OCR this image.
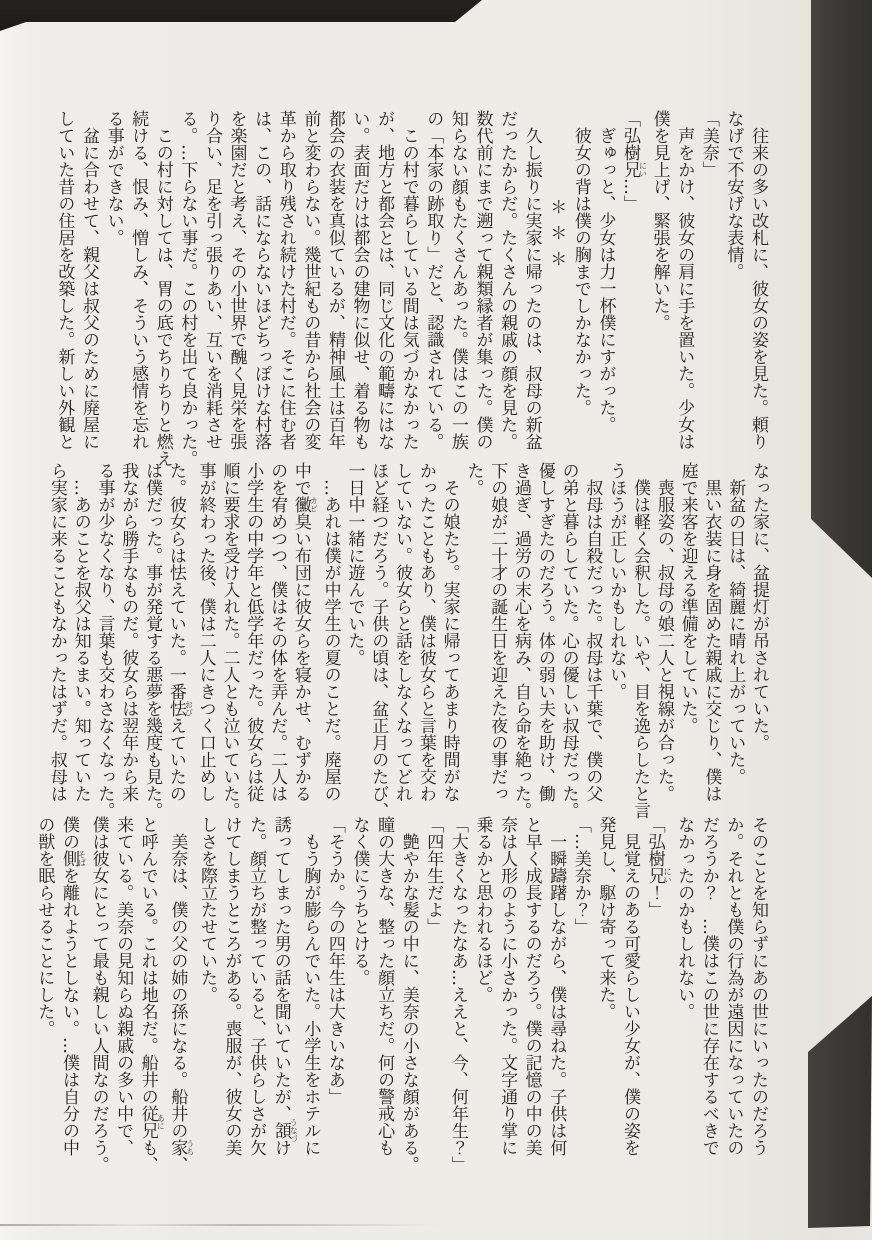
往来の多い改札に、彼女の姿を見た。頼り
なげで不安げな表情。
「美奈」
声をかけ、彼女の肩に手を置いた。少女は
僕を見上げ、緊張を解いた。
「弘樹兄にい…」
ぎゅっと、少女は力一杯僕にすがった。
彼女の背は僕の胸までしかなかった。
＊＊＊
久し振りに実家に帰ったのは、叔母の新盆
だったからだ。たくさんの親戚の顔を見た。
数代前にまで遡って親類縁者が集った。僕の
知らない顔もたくさんあった。僕はこの一族
の「本家の跡取り」だと、認識されている。
この村で暮らしている間は気づかなかった
が、地方と都会とは、同じ文化の範疇にはな
い。表面だけは都会の建物に似せ、着る物も
都会の衣装を真似ているが、精神風土は百年
前と変わらない。幾世紀もの昔から社会の変
革から取り残され続けた村だ。そこに住む者
は、この、話にならないほどちっぽけな村落
を楽園だと考え、その小世界で醜く見栄を張
り合い、足を引っ張りあい、互いを消耗させ
る。…下らない事だ。この村を出て良かった。
この村に対しては、胃の底でちりちりと燃え
続ける、恨み、憎しみ、そういう感情を忘れ
る事ができない。
盆に合わせて、親父は叔父のために廃屋に
していた昔の住居を改築した。新しい外観と
なった家に、盆提灯が吊されていた。
新盆の日は、綺麗に晴れ上がっていた。
黒い衣装に身を固めた親戚に交じり、僕は
庭で来客を迎える準備をしていた。
喪服姿の、叔母の娘二人と視線が合った。
僕は軽く会釈した。いや、目を逸らしたと言
うほうが正しいかもしれない。
叔母は自殺だった。叔母は千葉で、僕の父
の弟と暮らしていた。心の優しい叔母だった。
優しすぎたのだろう。体の弱い夫を助け、働
き過ぎ、過労の末心を病み、自ら命を絶った。
下の娘が二十才の誕生日を迎えた夜の事だっ
た。
その娘たち。実家に帰ってあまり時間がな
かったこともあり、僕は彼女らと言葉を交わ
していない。彼女らと話をしなくなってどれ
ほど経つだろう。子供の頃は、盆正月のたび、
一日中一緒に遊んでいた。
…あれは僕が中学生の夏のことだ。廃屋の
中で黴カビ臭い布団に彼女らを寝かせ、むずかる
のを宥めつつ、僕はその体を弄んだ。二人は
小学生の中学年と低学年だった。彼女らは従
順に要求を受け入れた。二人とも泣いていた。
事が終わった後、僕は二人にきつく口止めし
た。彼女らは怯えていた。一番怯おびえていたの
は僕だった。事が発覚する悪夢を幾度も見た。
我ながら勝手なものだ。彼女らは翌年から来
る事が少なくなり、言葉も交わさなくなった。
…あのことを叔父は知るまい。知っていた
ら実家に来ることもなかったはずだ。叔母は
そのことを知らずにあの世にいったのだろう
か。それとも僕の行為が遠因になっていたの
だろうか？　…僕はこの世に存在するべきで
なかったのかもしれない。
「弘樹兄にい！」
見覚えのある可愛らしい少女が、僕の姿を
発見し、駆け寄って来た。
「…美奈か？」
一瞬躊躇しながら、僕は尋ねた。子供は何
と早く成長するのだろう。僕の記憶の中の美
奈は人形のように小さかった。文字通り掌に
乗るかと思われるほど。
「大きくなったなあ…ええと、今、何年生？」
「四年生だよ」
艶やかな髪の中に、美奈の小さな顔がある。
瞳の大きな、整った顔立ちだ。何の警戒心も
なく僕にうちとける。
「そうか。今の四年生は大きいなあ」
もう胸が膨らんでいた。小学生をホテルに
誘ってしまった男の話を聞いていたが、頷うなづけ
た。顔立ちが整っていると、子供らしさが欠
けてしまうところがある。喪服が、彼女の美
しさを際立たせていた。
美奈は、僕の父の姉の孫になる。船井の家うち、
と呼んでいる。これは地名だ。船井の従兄あにも、
来ている。美奈の見知らぬ親戚の多い中で、
僕は彼女にとって最も親しい人間なのだろう。
僕の側そばを離れようとしない。…僕は自分の中
の獣を眠らせることにした。
